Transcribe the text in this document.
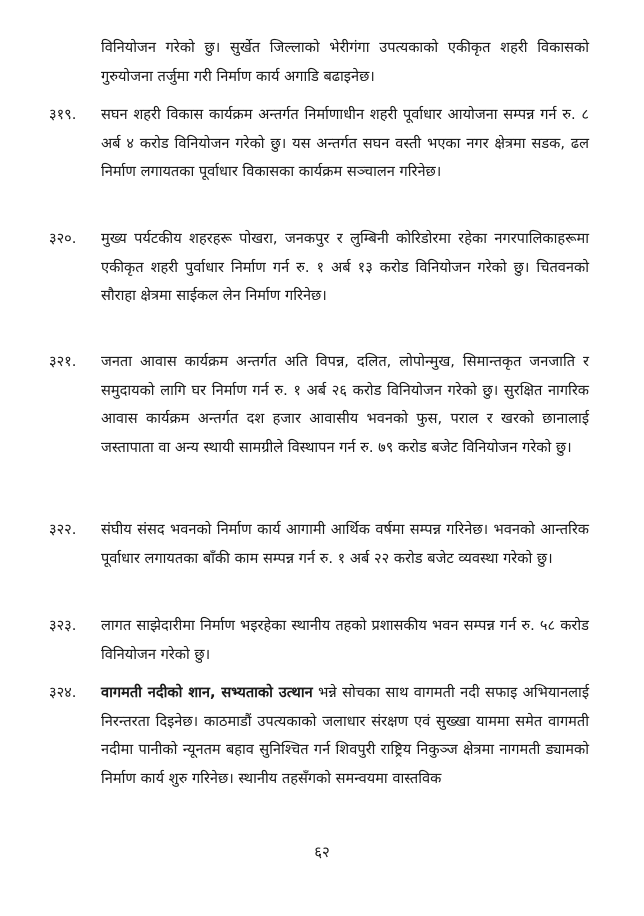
विनियोजन गरेको छु। सुर्खेत जिल्लाको भेरीगंगा उपत्यकाको एकीकृत शहरी विकासको गुरुयोजना तर्जुमा गरी निर्माण कार्य अगाडि बढाइनेछ।
३१९.	सघन शहरी विकास कार्यक्रम अन्तर्गत निर्माणाधीन शहरी पूर्वाधार आयोजना सम्पन्न गर्न रु. ८ अर्ब ४ करोड विनियोजन गरेको छु। यस अन्तर्गत सघन वस्ती भएका नगर क्षेत्रमा सडक, ढल निर्माण लगायतका पूर्वाधार विकासका कार्यक्रम सञ्चालन गरिनेछ।
३२०.	मुख्य पर्यटकीय शहरहरू पोखरा, जनकपुर र लुम्बिनी कोरिडोरमा रहेका नगरपालिकाहरूमा एकीकृत शहरी पुर्वाधार निर्माण गर्न रु. १ अर्ब १३ करोड विनियोजन गरेको छु। चितवनको सौराहा क्षेत्रमा साईकल लेन निर्माण गरिनेछ।
३२१.	जनता आवास कार्यक्रम अन्तर्गत अति विपन्न, दलित, लोपोन्मुख, सिमान्तकृत जनजाति र समुदायको लागि घर निर्माण गर्न रु. १ अर्ब २६ करोड विनियोजन गरेको छु। सुरक्षित नागरिक आवास कार्यक्रम अन्तर्गत दश हजार आवासीय भवनको फुस, पराल र खरको छानालाई जस्तापाता वा अन्य स्थायी सामग्रीले विस्थापन गर्न रु. ७९ करोड बजेट विनियोजन गरेको छु।
३२२.	संघीय संसद भवनको निर्माण कार्य आगामी आर्थिक वर्षमा सम्पन्न गरिनेछ। भवनको आन्तरिक पूर्वाधार लगायतका बाँकी काम सम्पन्न गर्न रु. १ अर्ब २२ करोड बजेट व्यवस्था गरेको छु।
३२३.	लागत साझेदारीमा निर्माण भइरहेका स्थानीय तहको प्रशासकीय भवन सम्पन्न गर्न रु. ५८ करोड विनियोजन गरेको छु।
३२४.	वागमती नदीको शान, सभ्यताको उत्थान भन्ने सोचका साथ वागमती नदी सफाइ अभियानलाई निरन्तरता दिइनेछ। काठमाडौं उपत्यकाको जलाधार संरक्षण एवं सुख्खा याममा समेत वागमती नदीमा पानीको न्यूनतम बहाव सुनिश्चित गर्न शिवपुरी राष्ट्रिय निकुञ्ज क्षेत्रमा नागमती ड्यामको निर्माण कार्य शुरु गरिनेछ। स्थानीय तहसँगको समन्वयमा वास्तविक
६२
